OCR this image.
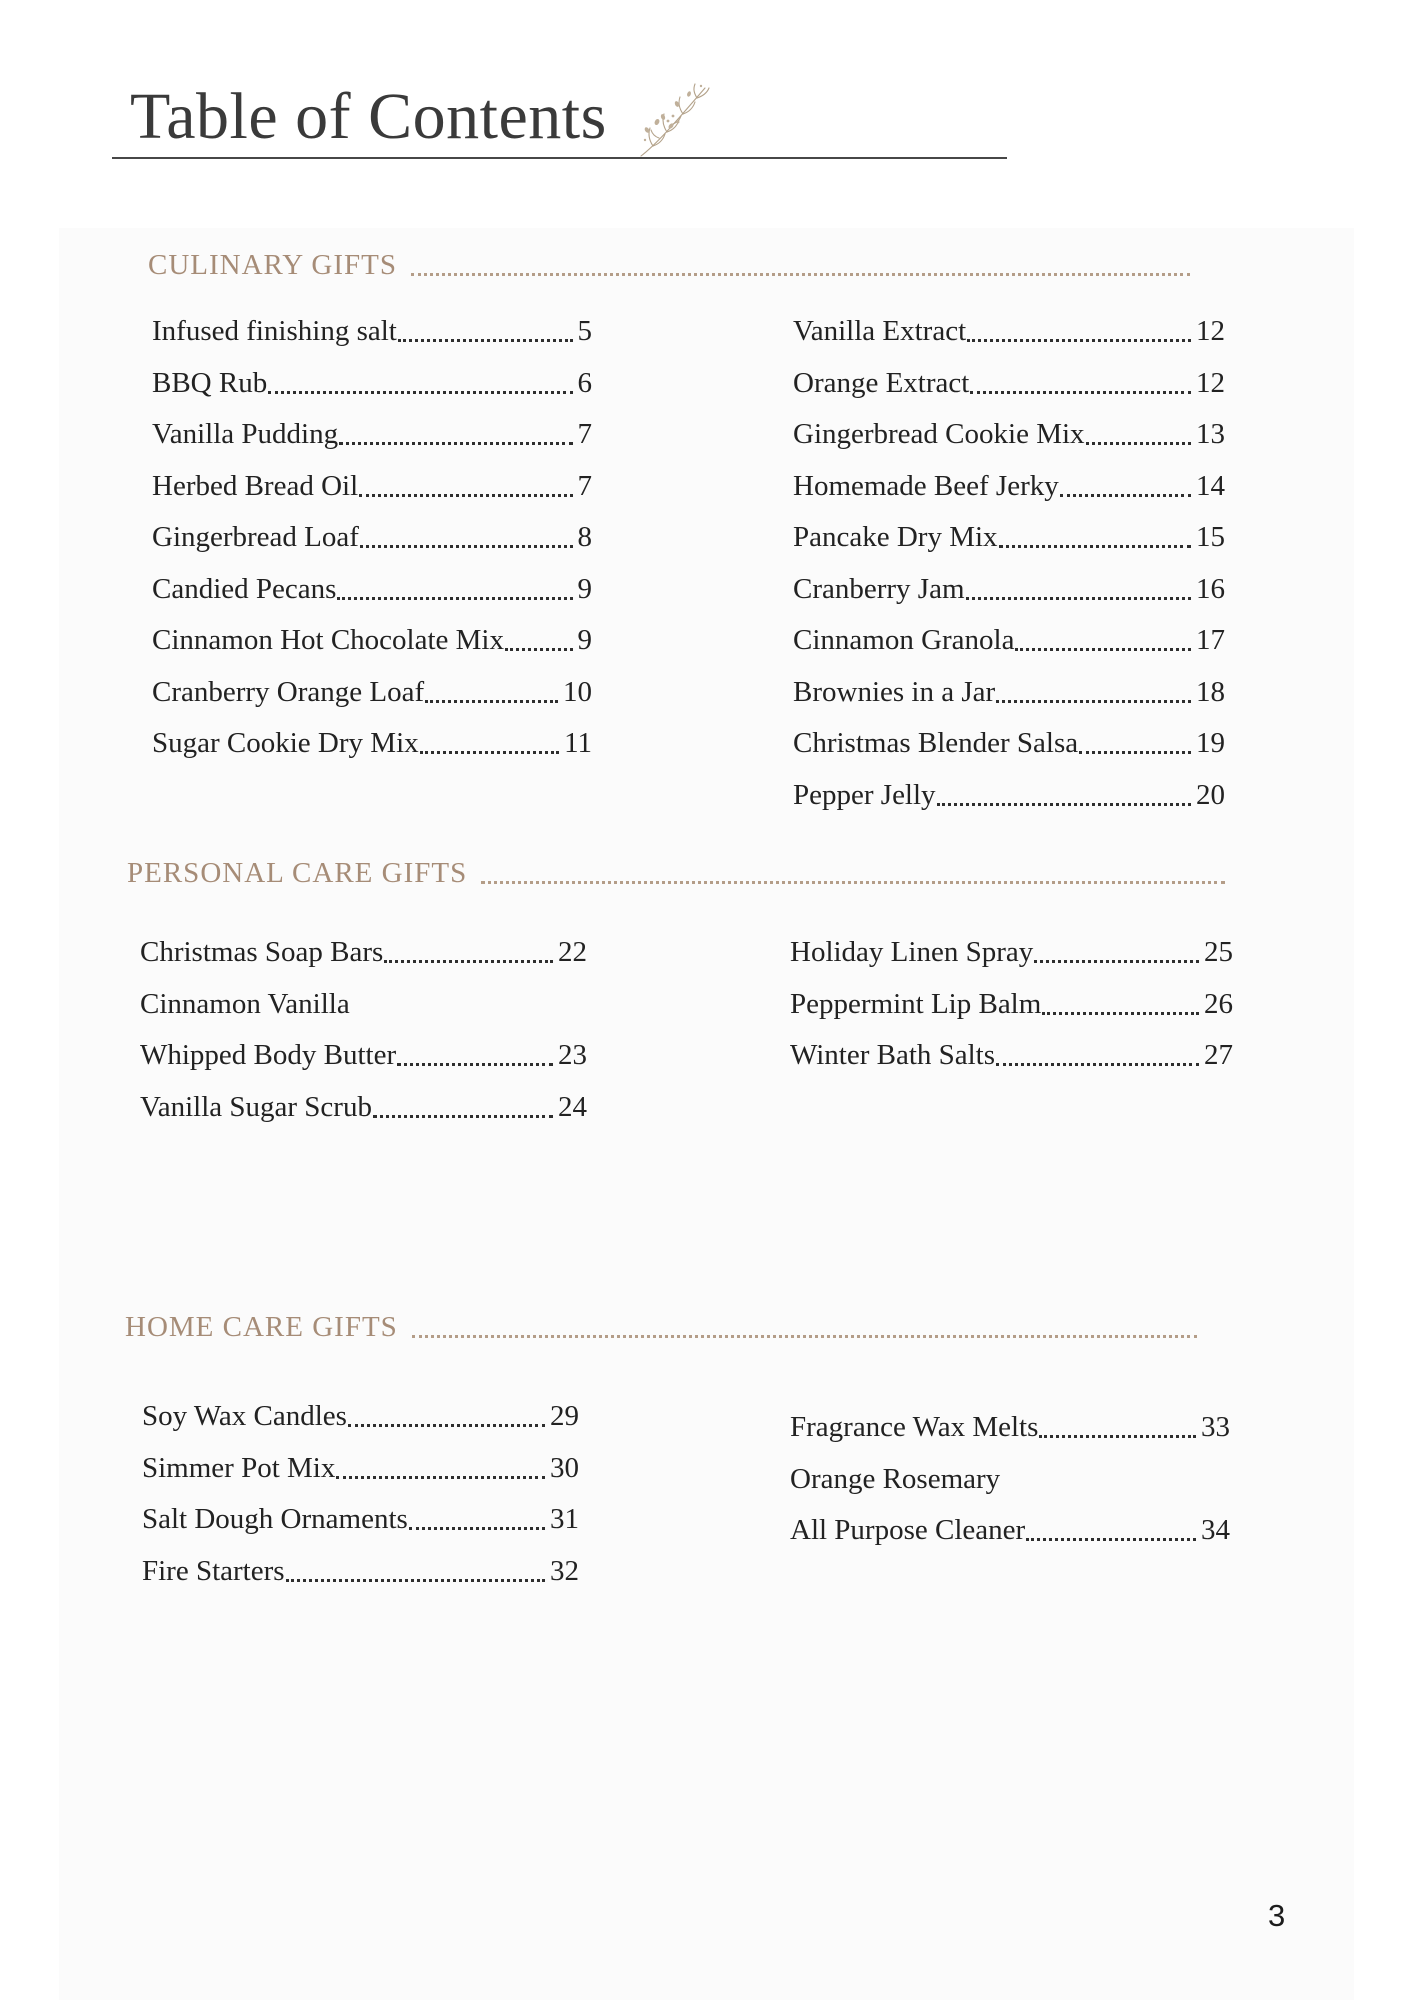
Table of Contents
CULINARY GIFTS
Infused finishing salt	5
BBQ Rub	6
Vanilla Pudding	7
Herbed Bread Oil	7
Gingerbread Loaf	8
Candied Pecans	9
Cinnamon Hot Chocolate Mix	9
Cranberry Orange Loaf	10
Sugar Cookie Dry Mix	11
Vanilla Extract	12
Orange Extract	12
Gingerbread Cookie Mix	13
Homemade Beef Jerky	14
Pancake Dry Mix	15
Cranberry Jam	16
Cinnamon Granola	17
Brownies in a Jar	18
Christmas Blender Salsa	19
Pepper Jelly	20
PERSONAL CARE GIFTS
Christmas Soap Bars	22
Cinnamon Vanilla
Whipped Body Butter	23
Vanilla Sugar Scrub	24
Holiday Linen Spray	25
Peppermint Lip Balm	26
Winter Bath Salts	27
HOME CARE GIFTS
Soy Wax Candles	29
Simmer Pot Mix	30
Salt Dough Ornaments	31
Fire Starters	32
Fragrance Wax Melts	33
Orange Rosemary
All Purpose Cleaner	34
3
